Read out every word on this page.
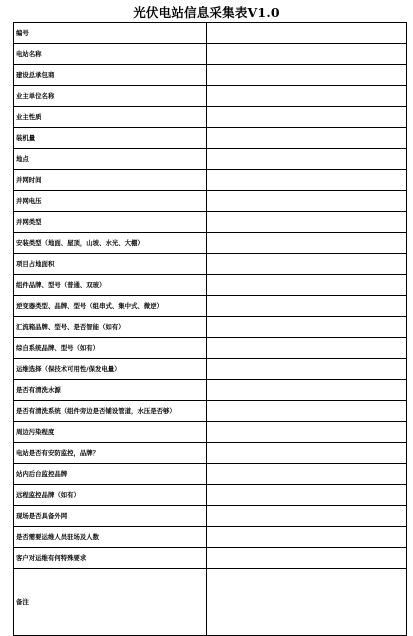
光伏电站信息采集表V1.0
编号	
电站名称	
建设总承包商	
业主单位名称	
业主性质	
装机量	
地点	
并网时间	
并网电压	
并网类型	
安装类型（地面、屋顶，山坡、水光、大棚）	
项目占地面积	
组件品牌、型号（普通、双玻）	
逆变器类型、品牌、型号（组串式、集中式、微逆）	
汇流箱品牌、型号、是否智能（如有）	
综自系统品牌、型号（如有）	
运维选择（保技术可用性/保发电量）	
是否有清洗水源	
是否有清洗系统（组件旁边是否铺设管道，水压是否够）	
周边污染程度	
电站是否有安防监控，品牌？	
站内后台监控品牌	
远程监控品牌（如有）	
现场是否具备外网	
是否需要运维人员驻场及人数	
客户对运维有何特殊要求	
备注	
